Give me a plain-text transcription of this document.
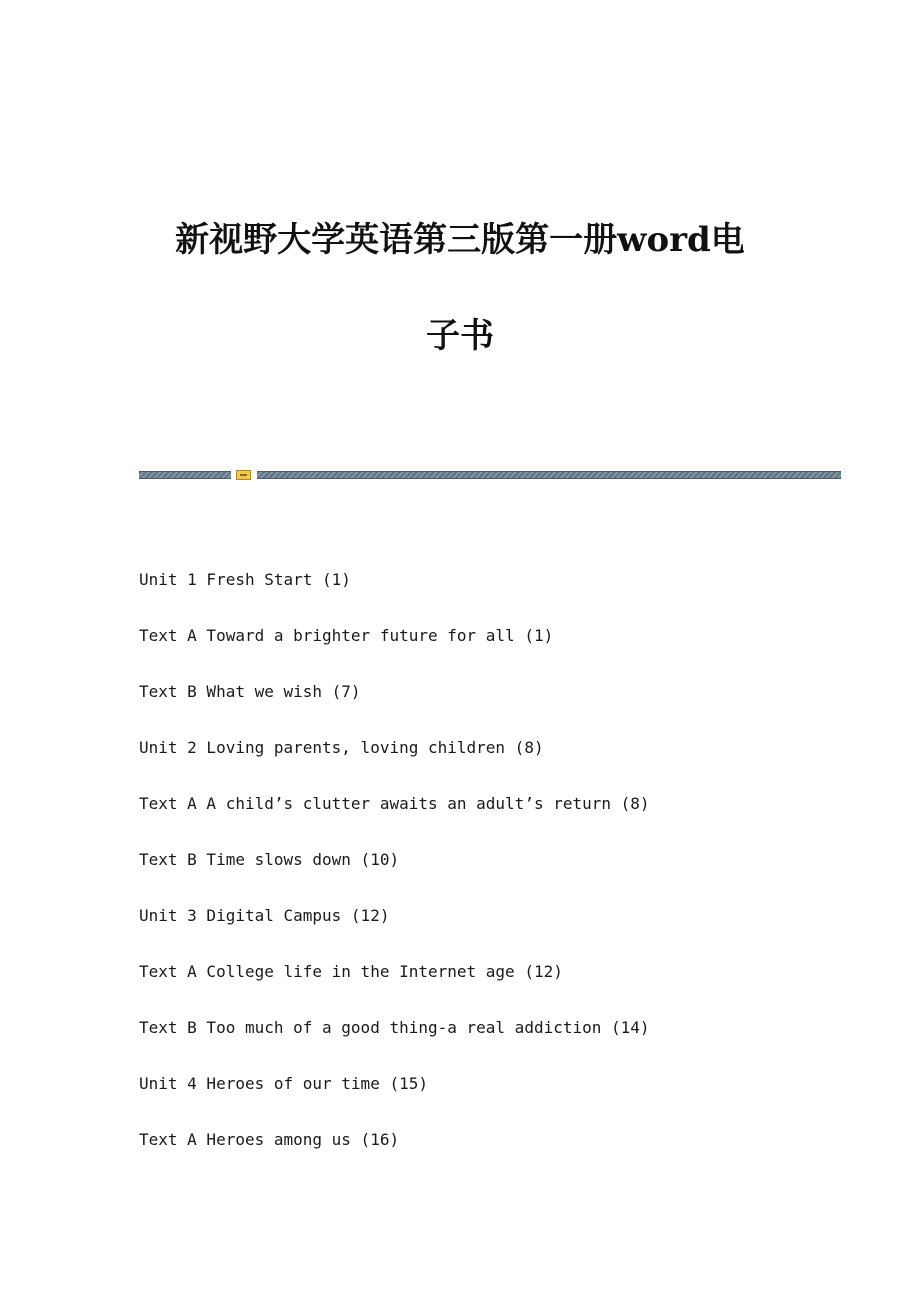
新视野大学英语第三版第一册word电
子书
Unit 1 Fresh Start (1)
Text A Toward a brighter future for all (1)
Text B What we wish (7)
Unit 2 Loving parents, loving children (8)
Text A A child’s clutter awaits an adult’s return (8)
Text B Time slows down (10)
Unit 3 Digital Campus (12)
Text A College life in the Internet age (12)
Text B Too much of a good thing-a real addiction (14)
Unit 4 Heroes of our time (15)
Text A Heroes among us (16)
